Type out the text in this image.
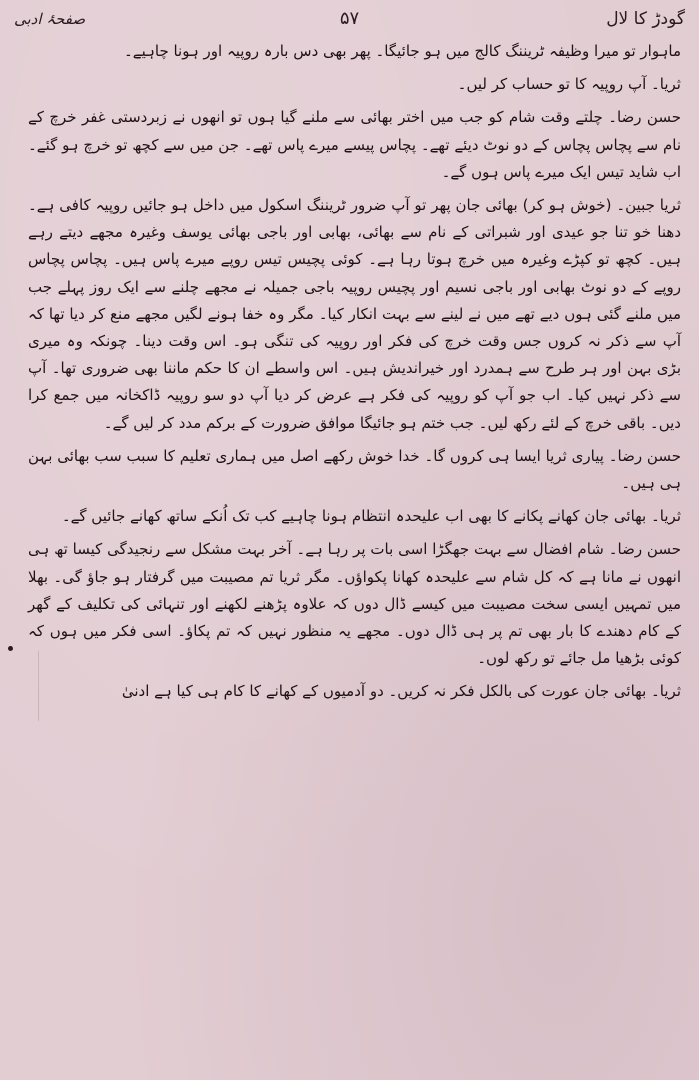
گودڑ کا لال
۵۷
صفحۂ ادبی

ماہوار تو میرا وظیفہ ٹریننگ کالج میں ہو جائیگا۔ پھر بھی دس بارہ روپیہ اور ہونا چاہیے۔

ثریا۔ آپ روپیہ کا تو حساب کر لیں۔

حسن رضا۔ چلتے وقت شام کو جب میں اختر بھائی سے ملنے گیا ہوں تو انھوں نے زبردستی غفر خرچ کے نام سے پچاس پچاس کے دو نوٹ دیئے تھے۔ پچاس پیسے میرے پاس تھے۔ جن میں سے کچھ تو خرچ ہو گئے۔ اب شاید تیس ایک میرے پاس ہوں گے۔

ثریا جبین۔ (خوش ہو کر) بھائی جان پھر تو آپ ضرور ٹریننگ اسکول میں داخل ہو جائیں روپیہ کافی ہے۔ دھنا خو تنا جو عیدی اور شبراتی کے نام سے بھائی، بھابی اور باجی بھائی یوسف وغیرہ مجھے دیتے رہے ہیں۔ کچھ تو کپڑے وغیرہ میں خرچ ہوتا رہا ہے۔ کوئی پچیس تیس روپے میرے پاس ہیں۔ پچاس پچاس روپے کے دو نوٹ بھابی اور باجی نسیم اور پچیس روپیہ باجی جمیلہ نے مجھے چلنے سے ایک روز پہلے جب میں ملنے گئی ہوں دیے تھے میں نے لینے سے بہت انکار کیا۔ مگر وہ خفا ہونے لگیں مجھے منع کر دیا تھا کہ آپ سے ذکر نہ کروں جس وقت خرچ کی فکر اور روپیہ کی تنگی ہو۔ اس وقت دینا۔ چونکہ وہ میری بڑی بہن اور ہر طرح سے ہمدرد اور خیراندیش ہیں۔ اس واسطے ان کا حکم ماننا بھی ضروری تھا۔ آپ سے ذکر نہیں کیا۔ اب جو آپ کو روپیہ کی فکر ہے عرض کر دیا آپ دو سو روپیہ ڈاکخانہ میں جمع کرا دیں۔ باقی خرچ کے لئے رکھ لیں۔ جب ختم ہو جائیگا موافق ضرورت کے برکم مدد کر لیں گے۔

حسن رضا۔ پیاری ثریا ایسا ہی کروں گا۔ خدا خوش رکھے اصل میں ہماری تعلیم کا سبب سب بھائی بہن ہی ہیں۔

ثریا۔ بھائی جان کھانے پکانے کا بھی اب علیحدہ انتظام ہونا چاہیے کب تک اُنکے ساتھ کھانے جائیں گے۔

حسن رضا۔ شام افضال سے بہت جھگڑا اسی بات پر رہا ہے۔ آخر بہت مشکل سے رنجیدگی کیسا تھ ہی انھوں نے مانا ہے کہ کل شام سے علیحدہ کھانا پکواؤں۔ مگر ثریا تم مصیبت میں گرفتار ہو جاؤ گی۔ بھلا میں تمہیں ایسی سخت مصیبت میں کیسے ڈال دوں کہ علاوہ پڑھنے لکھنے اور تنہائی کی تکلیف کے گھر کے کام دھندے کا بار بھی تم پر ہی ڈال دوں۔ مجھے یہ منظور نہیں کہ تم پکاؤ۔ اسی فکر میں ہوں کہ کوئی بڑھیا مل جائے تو رکھ لوں۔

ثریا۔ بھائی جان عورت کی بالکل فکر نہ کریں۔ دو آدمیوں کے کھانے کا کام ہی کیا ہے ادنیٰ
